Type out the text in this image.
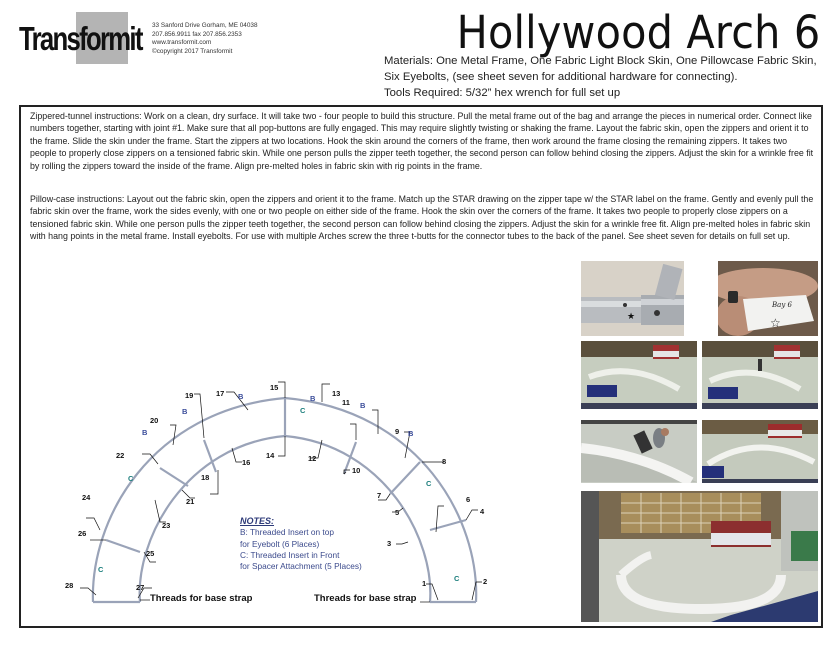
Transformit 33 Sanford Drive Gorham, ME 04038
207.856.9911 fax 207.856.2353
www.transformit.com
©copyright 2017 Transformit	Hollywood Arch 6
Materials: One Metal Frame, One Fabric Light Block Skin, One Pillowcase Fabric Skin, Six Eyebolts, (see sheet seven for additional hardware for connecting).
Tools Required: 5/32” hex wrench for full set up

Zippered-tunnel instructions: Work on a clean, dry surface. It will take two - four people to build this structure. Pull the metal frame out of the bag and arrange the pieces in numerical order. Connect like numbers together, starting with joint #1. Make sure that all pop-buttons are fully engaged. This may require slightly twisting or shaking the frame. Layout the fabric skin, open the zippers and orient it to the frame. Slide the skin under the frame. Start the zippers at two locations. Hook the skin around the corners of the frame, then work around the frame closing the remaining zippers. It takes two people to properly close zippers on a tensioned fabric skin. While one person pulls the zipper teeth together, the second person can follow behind closing the zippers. Adjust the skin for a wrinkle free fit by rolling the zippers toward the inside of the frame. Align pre-melted holes in fabric skin with rig points in the frame.

Pillow-case instructions: Layout out the fabric skin, open the zippers and orient it to the frame. Match up the STAR drawing on the zipper tape w/ the STAR label on the frame. Gently and evenly pull the fabric skin over the frame, work the sides evenly, with one or two people on either side of the frame. Hook the skin over the corners of the frame. It takes two people to properly close zippers on a tensioned fabric skin. While one person pulls the zipper teeth together, the second person can follow behind closing the zippers. Adjust the skin for a wrinkle free fit. Align pre-melted holes in fabric skin with hang points in the metal frame. Install eyebolts. For use with multiple Arches screw the three t-butts for the connector tubes to the back of the panel. See sheet seven for details on full set up.

★
Bay 6
☆
1	2
3
4
5
6
7
8
9
10
11
12
13
14
15
16
17
18
19
20
21
22
23
24
25
26
27
28
B
B
B
B
B
B
C
C
C
C
C
Threads for base strap	Threads for base strap
NOTES:
B: Threaded Insert on top
for Eyebolt (6 Places)
C: Threaded Insert in Front
for Spacer Attachment (5 Places)
